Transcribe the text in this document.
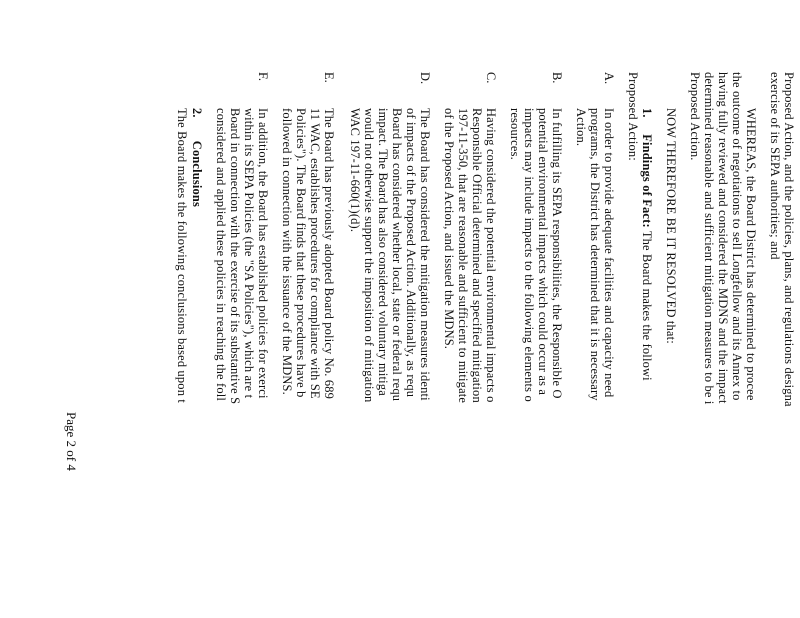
Proposed Action, and the policies, plans, and regulations designa
exercise of its SEPA authorities; and
WHEREAS, the Board District has determined to procee
the outcome of negotiations to sell Longfellow and its Annex to
having fully reviewed and considered the MDNS and the impact
determined reasonable and sufficient mitigation measures to be i
Proposed Action.
NOW THEREFORE BE IT RESOLVED that:
1.     Findings of Fact: The Board makes the followi
Proposed Action:
A.
In order to provide adequate facilities and capacity need
programs, the District has determined that it is necessary
Action.
B.
In fulfilling its SEPA responsibilities, the Responsible O
potential environmental impacts which could occur as a
impacts may include impacts to the following elements o
resources.
C.
Having considered the potential environmental impacts o
Responsible Official determined and specified mitigation
197-11-350, that are reasonable and sufficient to mitigate
of the Proposed Action, and issued the MDNS.
D.
The Board has considered the mitigation measures identi
of impacts of the Proposed Action. Additionally, as requ
Board has considered whether local, state or federal requ
impact. The Board has also considered voluntary mitiga
would not otherwise support the imposition of mitigation
WAC 197-11-660(1)(d).
E.
The Board has previously adopted Board policy No. 689
11 WAC, establishes procedures for compliance with SE
Policies"). The Board finds that these procedures have b
followed in connection with the issuance of the MDNS.
F.
In addition, the Board has established policies for exerci
within its SEPA Policies (the "SA Policies"), which are t
Board in connection with the exercise of its substantive S
considered and applied these policies in reaching the foll
2.       Conclusions
The Board makes the following conclusions based upon t
Page 2 of 4
